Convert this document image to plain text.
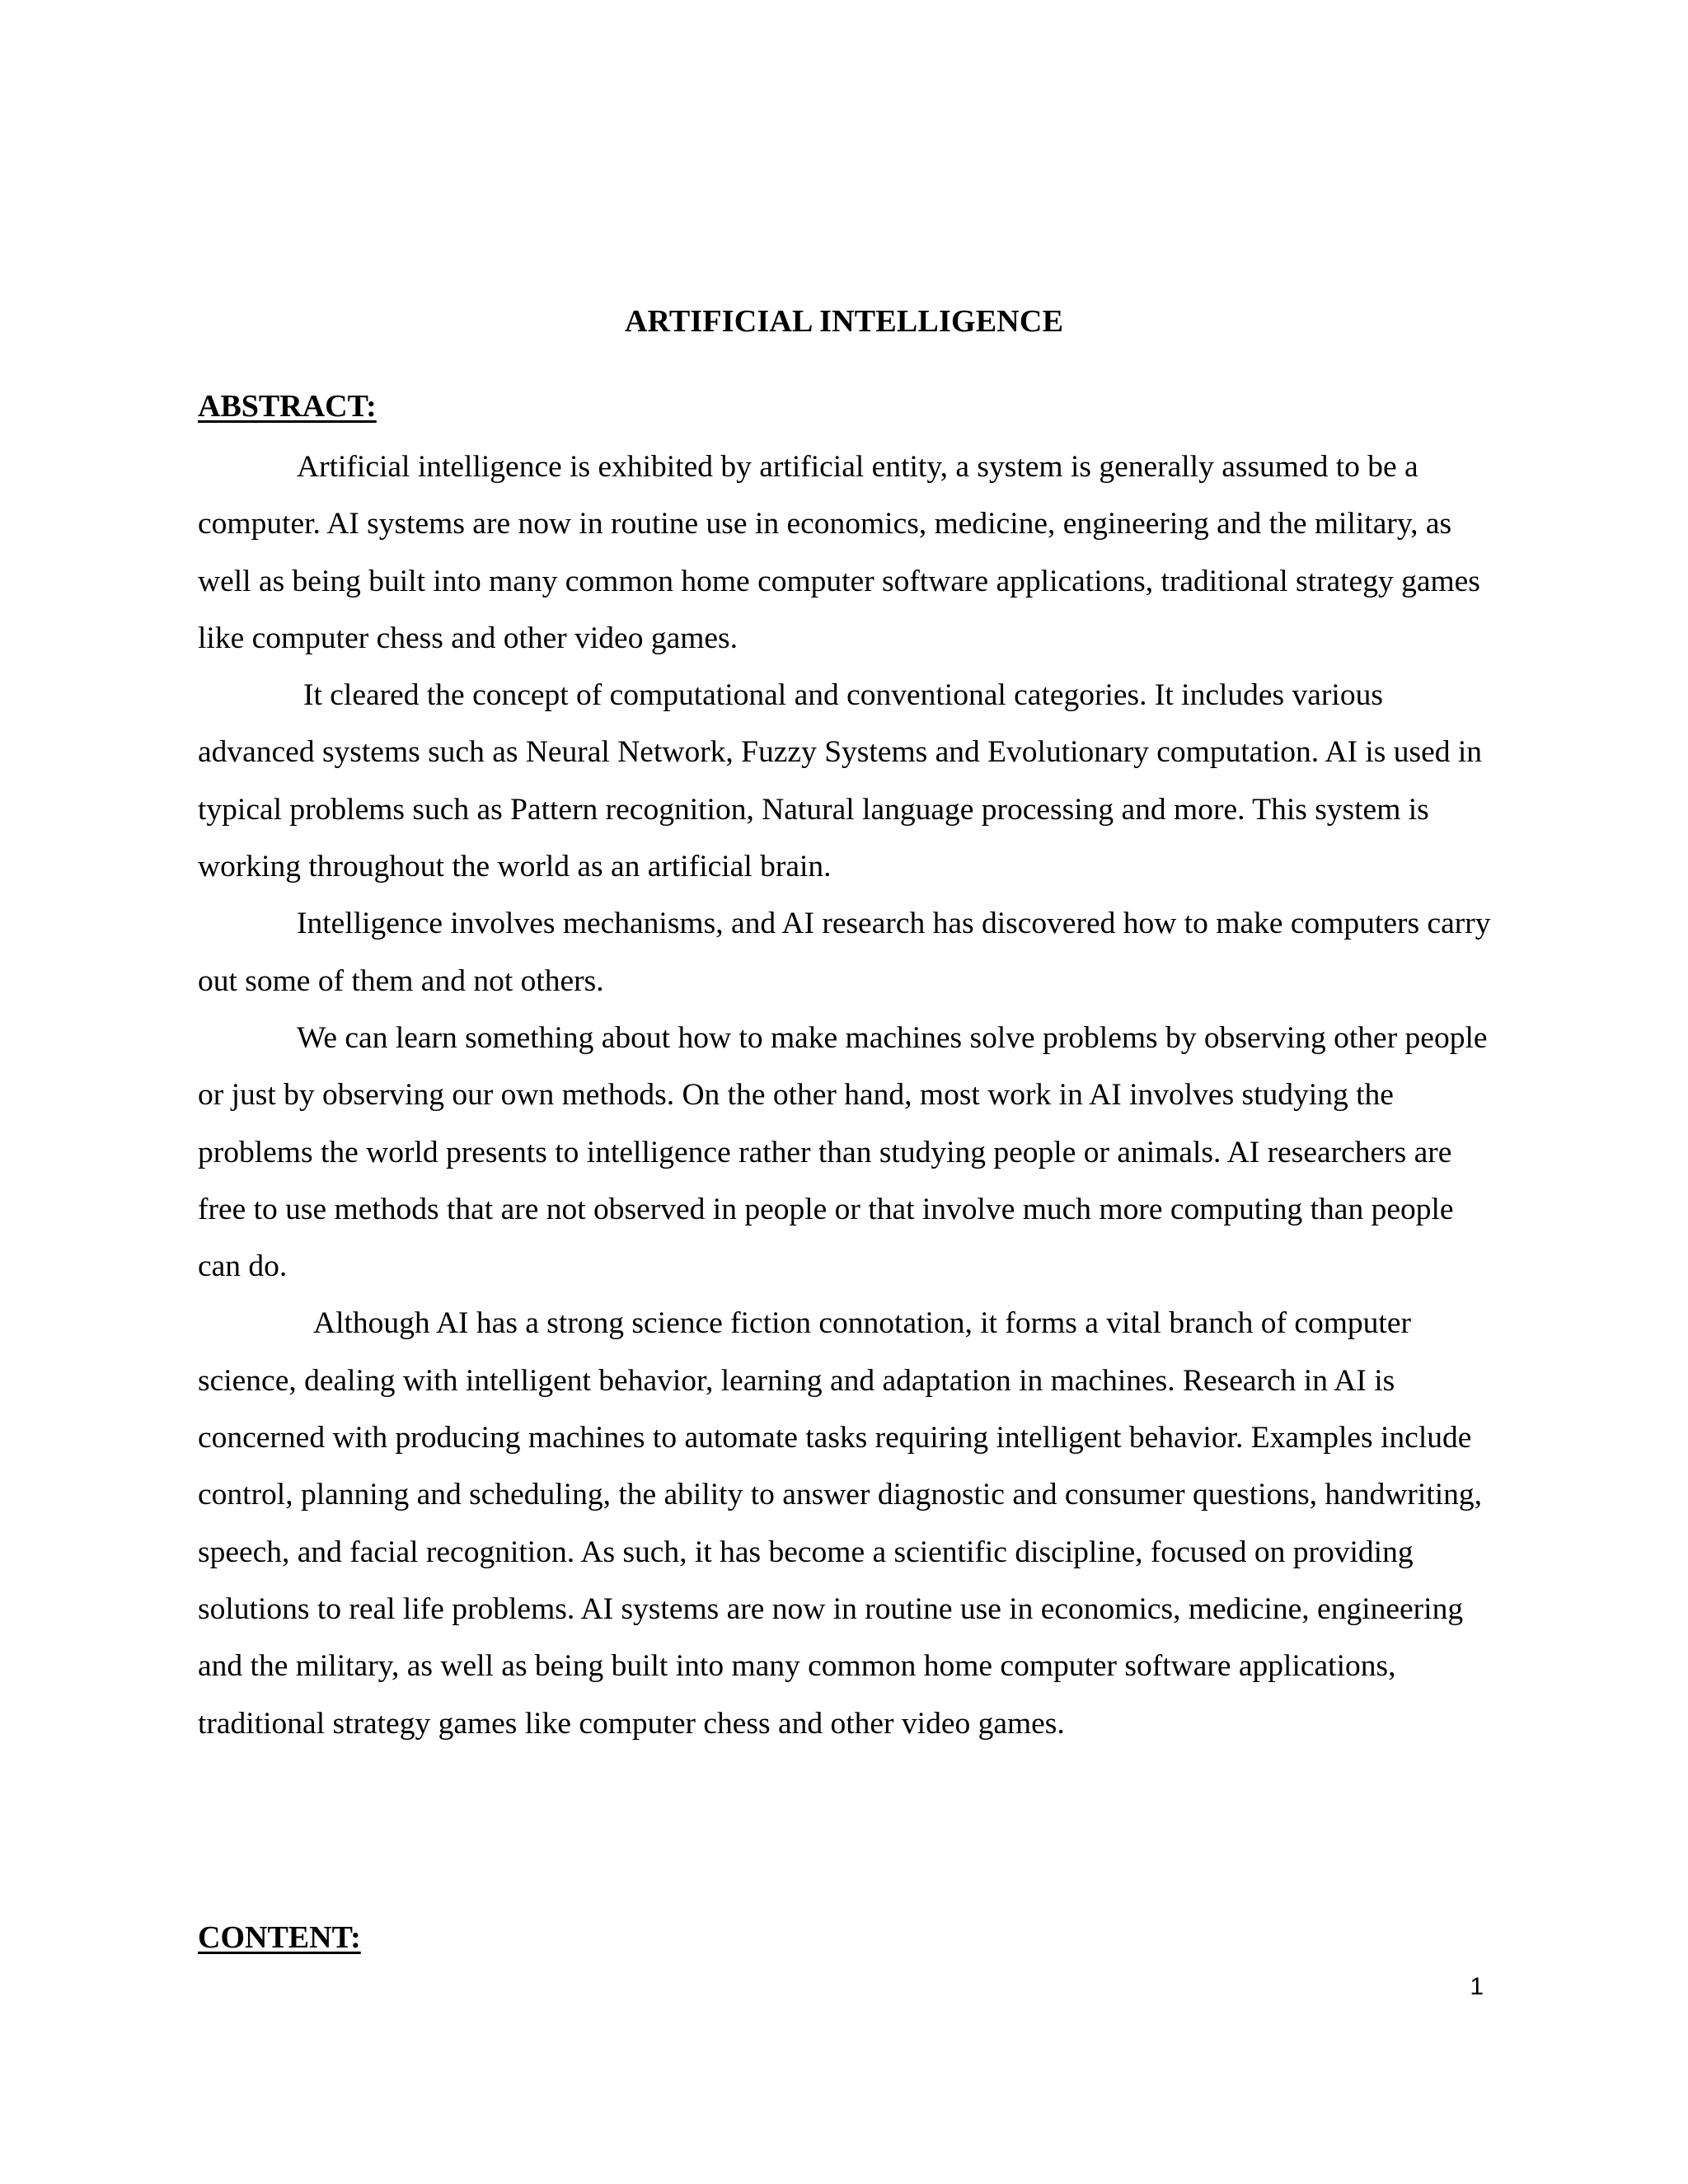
ARTIFICIAL INTELLIGENCE
ABSTRACT:

Artificial intelligence is exhibited by artificial entity, a system is generally assumed to be a computer. AI systems are now in routine use in economics, medicine, engineering and the military, as well as being built into many common home computer software applications, traditional strategy games like computer chess and other video games.

It cleared the concept of computational and conventional categories. It includes various advanced systems such as Neural Network, Fuzzy Systems and Evolutionary computation. AI is used in typical problems such as Pattern recognition, Natural language processing and more. This system is working throughout the world as an artificial brain.

Intelligence involves mechanisms, and AI research has discovered how to make computers carry out some of them and not others.

We can learn something about how to make machines solve problems by observing other people or just by observing our own methods. On the other hand, most work in AI involves studying the problems the world presents to intelligence rather than studying people or animals. AI researchers are free to use methods that are not observed in people or that involve much more computing than people can do.

Although AI has a strong science fiction connotation, it forms a vital branch of computer science, dealing with intelligent behavior, learning and adaptation in machines. Research in AI is concerned with producing machines to automate tasks requiring intelligent behavior. Examples include control, planning and scheduling, the ability to answer diagnostic and consumer questions, handwriting, speech, and facial recognition. As such, it has become a scientific discipline, focused on providing solutions to real life problems. AI systems are now in routine use in economics, medicine, engineering and the military, as well as being built into many common home computer software applications, traditional strategy games like computer chess and other video games.

CONTENT:
1
